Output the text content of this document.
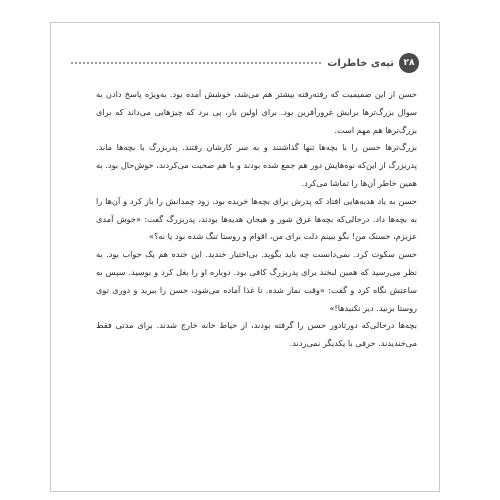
۲۸
تپه‌ی خاطرات

حسن از این صمیمیت که رفته‌رفته بیشتر هم می‌شد، خوشش آمده بود. به‌ویژه پاسخ دادن به سوال بزرگ‌ترها برایش غرورآفرین بود. برای اولین بار، پی برد که چیزهایی می‌داند که برای بزرگ‌ترها هم مهم است.

بزرگ‌ترها حسن را با بچه‌ها تنها گذاشتند و به سر کارشان رفتند. پدربزرگ با بچه‌ها ماند. پدربزرگ از این‌که نوه‌هایش دور هم جمع شده بودند و با هم صحبت می‌کردند، خوش‌حال بود. به همین خاطر آن‌ها را تماشا می‌کرد.

حسن به یاد هدیه‌هایی افتاد که پدرش برای بچه‌ها خریده بود. زود چمدانش را باز کرد و آن‌ها را به بچه‌ها داد. درحالی‌که بچه‌ها غرق شور و هیجان هدیه‌ها بودند، پدربزرگ گفت: «خوش آمدی عزیزم، حسنک من! بگو ببینم دلت برای من، اقوام و روستا تنگ شده بود یا نه؟»

حسن سکوت کرد. نمی‌دانست چه باید بگوید. بی‌اختیار خندید. این خنده هم یک جواب بود. به نظر می‌رسید که همین لبخند برای پدربزرگ کافی بود. دوباره او را بغل کرد و بوسید. سپس به ساعتش نگاه کرد و گفت: «وقت نماز شده. تا غذا آماده می‌شود، حسن را ببرید و دوری توی روستا بزنید. دیر نکنیدها!»

بچه‌ها درحالی‌که دورتادور حسن را گرفته بودند، از حیاط خانه خارج شدند. برای مدتی فقط می‌خندیدند. حرفی با یکدیگر نمی‌زدند.
